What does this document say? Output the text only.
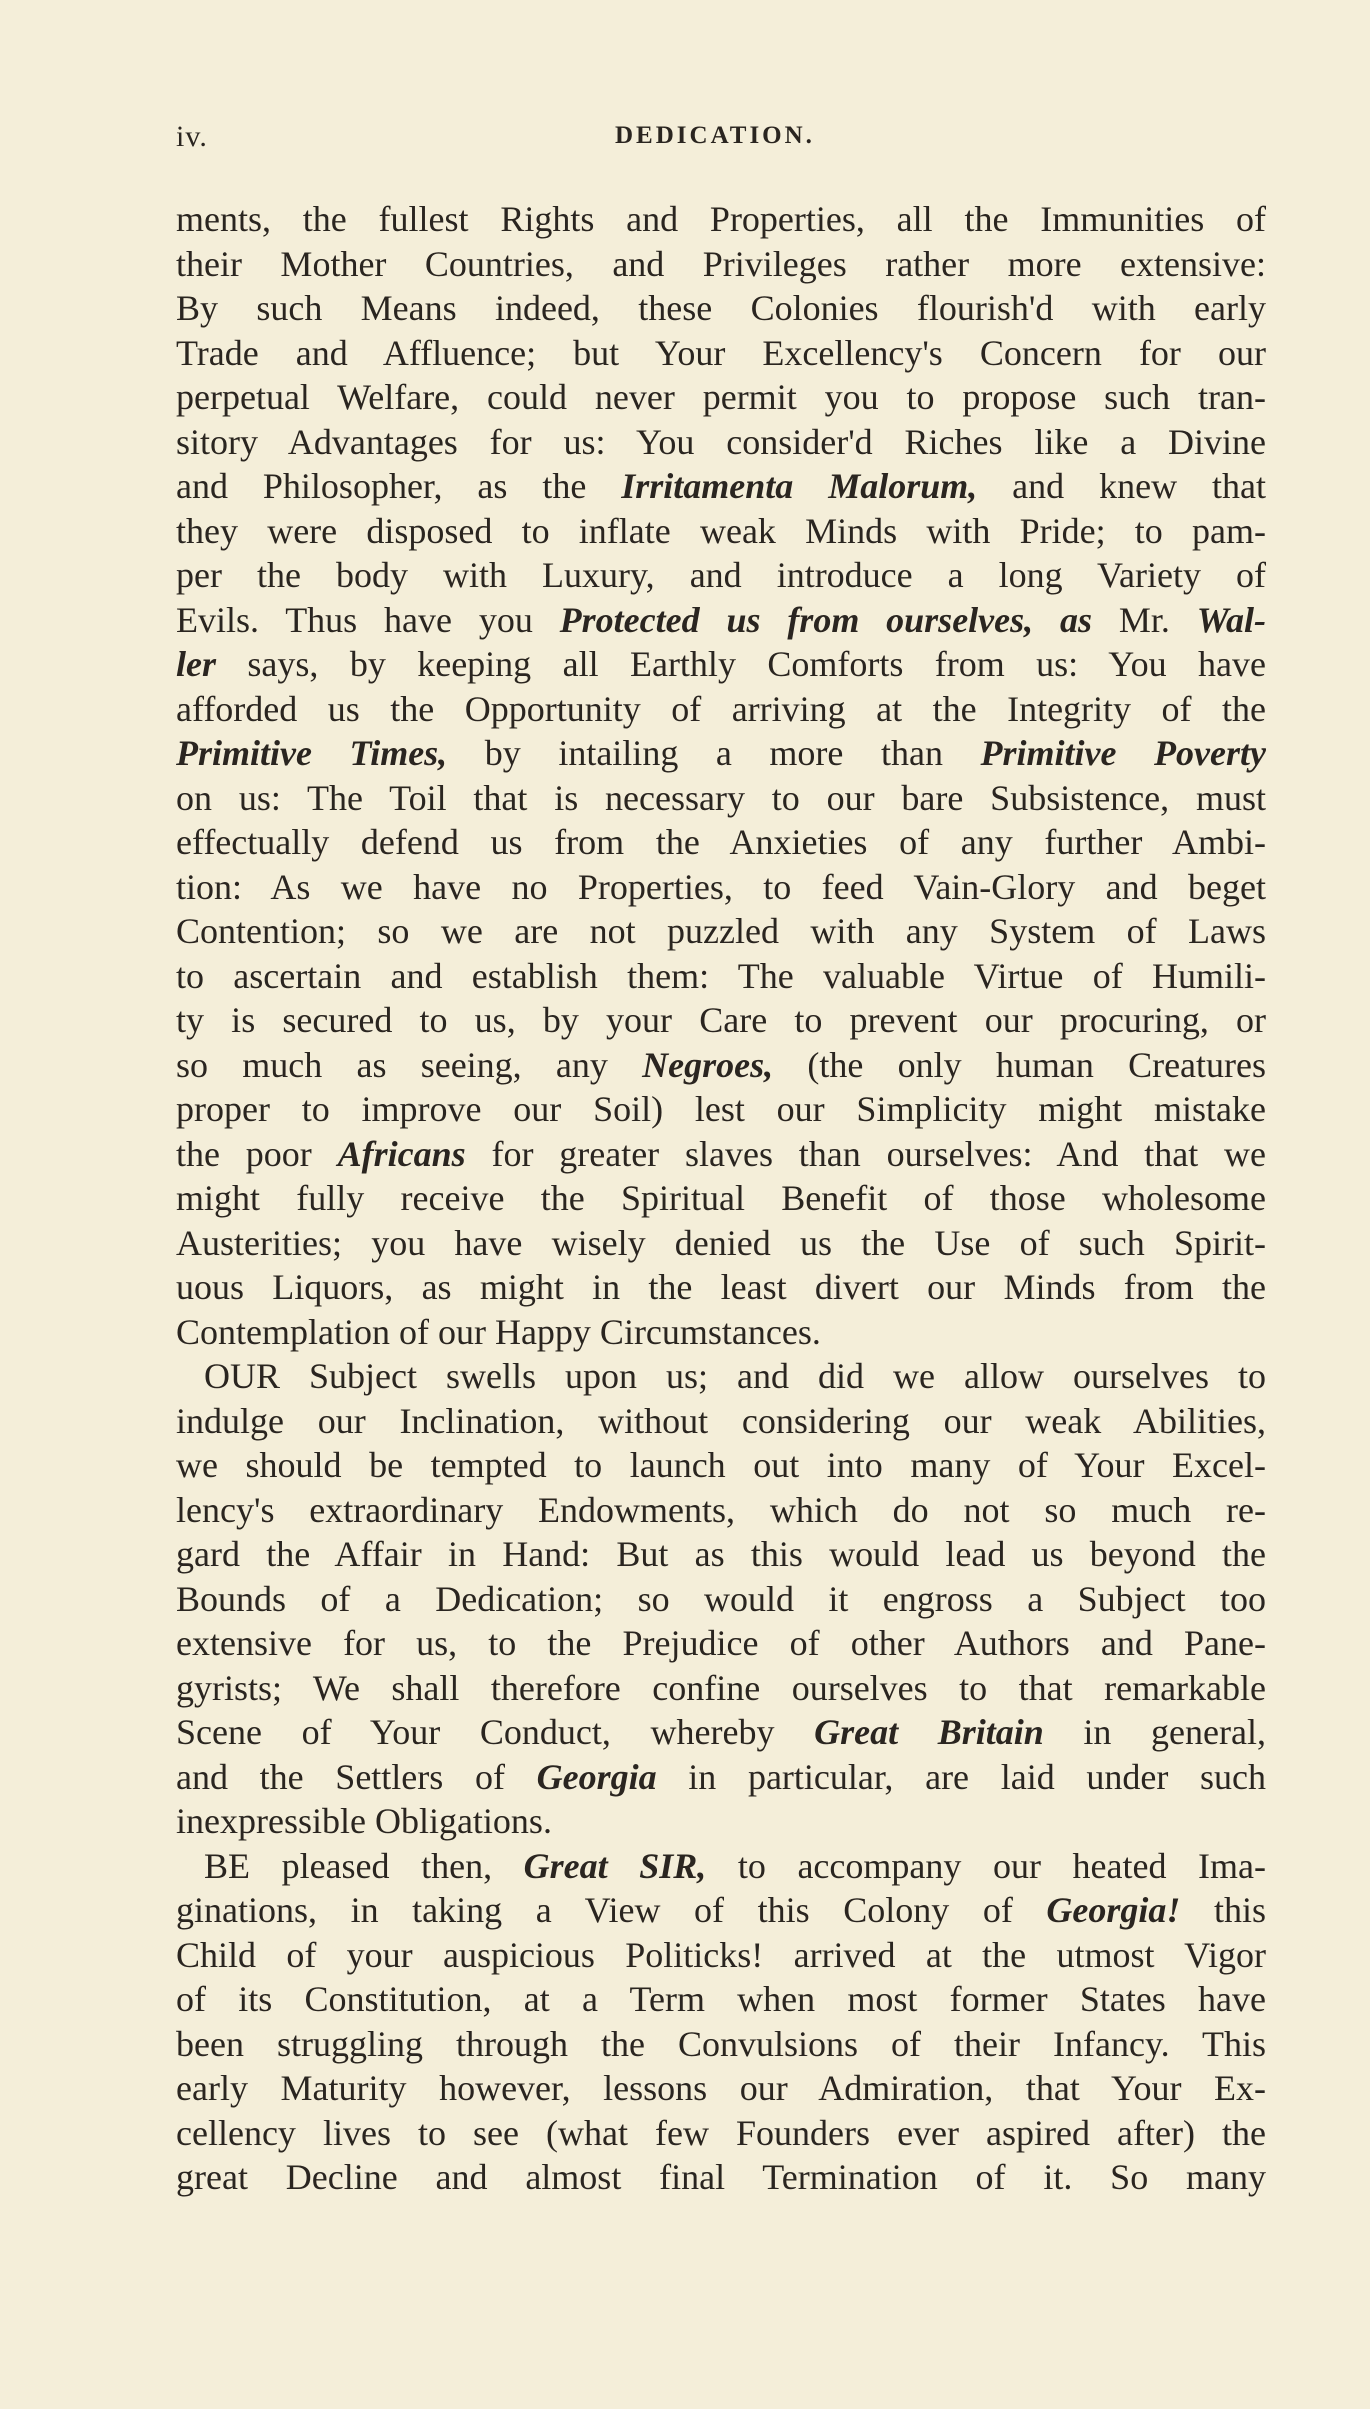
iv.	DEDICATION.
ments, the fullest Rights and Properties, all the Immunities of
their Mother Countries, and Privileges rather more extensive:
By such Means indeed, these Colonies flourish'd with early
Trade and Affluence; but Your Excellency's Concern for our
perpetual Welfare, could never permit you to propose such tran-
sitory Advantages for us: You consider'd Riches like a Divine
and Philosopher, as the Irritamenta Malorum, and knew that
they were disposed to inflate weak Minds with Pride; to pam-
per the body with Luxury, and introduce a long Variety of
Evils. Thus have you Protected us from ourselves, as Mr. Wal-
ler says, by keeping all Earthly Comforts from us: You have
afforded us the Opportunity of arriving at the Integrity of the
Primitive Times, by intailing a more than Primitive Poverty
on us: The Toil that is necessary to our bare Subsistence, must
effectually defend us from the Anxieties of any further Ambi-
tion: As we have no Properties, to feed Vain-Glory and beget
Contention; so we are not puzzled with any System of Laws
to ascertain and establish them: The valuable Virtue of Humili-
ty is secured to us, by your Care to prevent our procuring, or
so much as seeing, any Negroes, (the only human Creatures
proper to improve our Soil) lest our Simplicity might mistake
the poor Africans for greater slaves than ourselves: And that we
might fully receive the Spiritual Benefit of those wholesome
Austerities; you have wisely denied us the Use of such Spirit-
uous Liquors, as might in the least divert our Minds from the
Contemplation of our Happy Circumstances.
OUR Subject swells upon us; and did we allow ourselves to
indulge our Inclination, without considering our weak Abilities,
we should be tempted to launch out into many of Your Excel-
lency's extraordinary Endowments, which do not so much re-
gard the Affair in Hand: But as this would lead us beyond the
Bounds of a Dedication; so would it engross a Subject too
extensive for us, to the Prejudice of other Authors and Pane-
gyrists; We shall therefore confine ourselves to that remarkable
Scene of Your Conduct, whereby Great Britain in general,
and the Settlers of Georgia in particular, are laid under such
inexpressible Obligations.
BE pleased then, Great SIR, to accompany our heated Ima-
ginations, in taking a View of this Colony of Georgia! this
Child of your auspicious Politicks! arrived at the utmost Vigor
of its Constitution, at a Term when most former States have
been struggling through the Convulsions of their Infancy. This
early Maturity however, lessons our Admiration, that Your Ex-
cellency lives to see (what few Founders ever aspired after) the
great Decline and almost final Termination of it. So many
